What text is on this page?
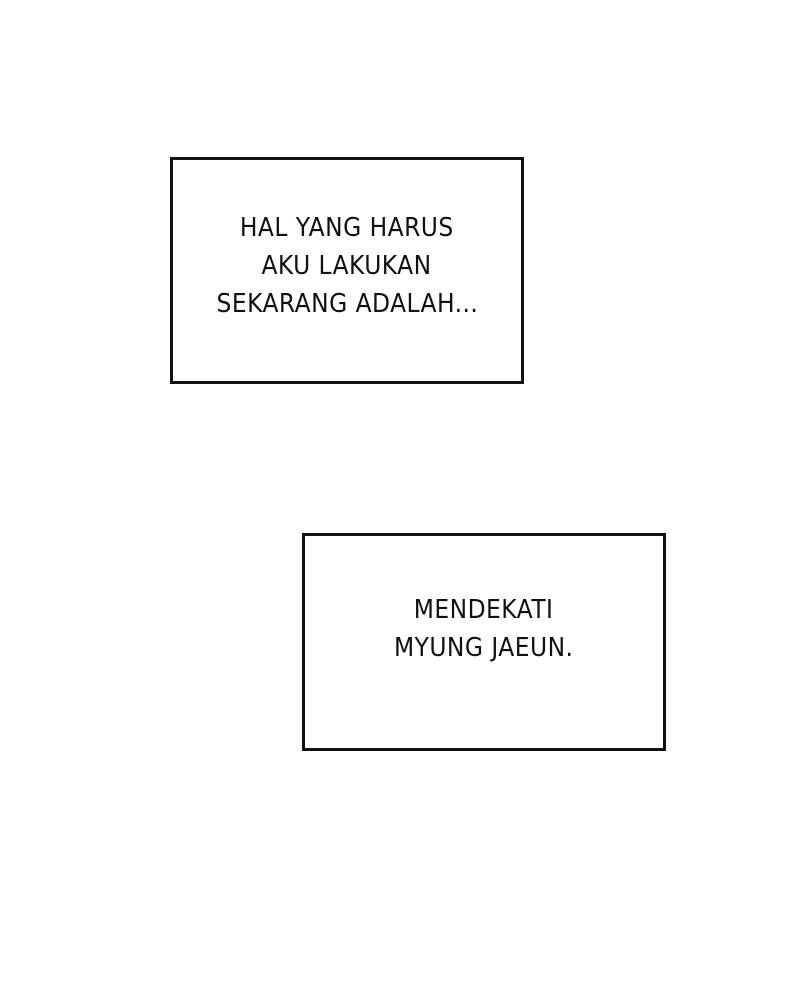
HAL YANG HARUS
AKU LAKUKAN
SEKARANG ADALAH...
MENDEKATI
MYUNG JAEUN.
